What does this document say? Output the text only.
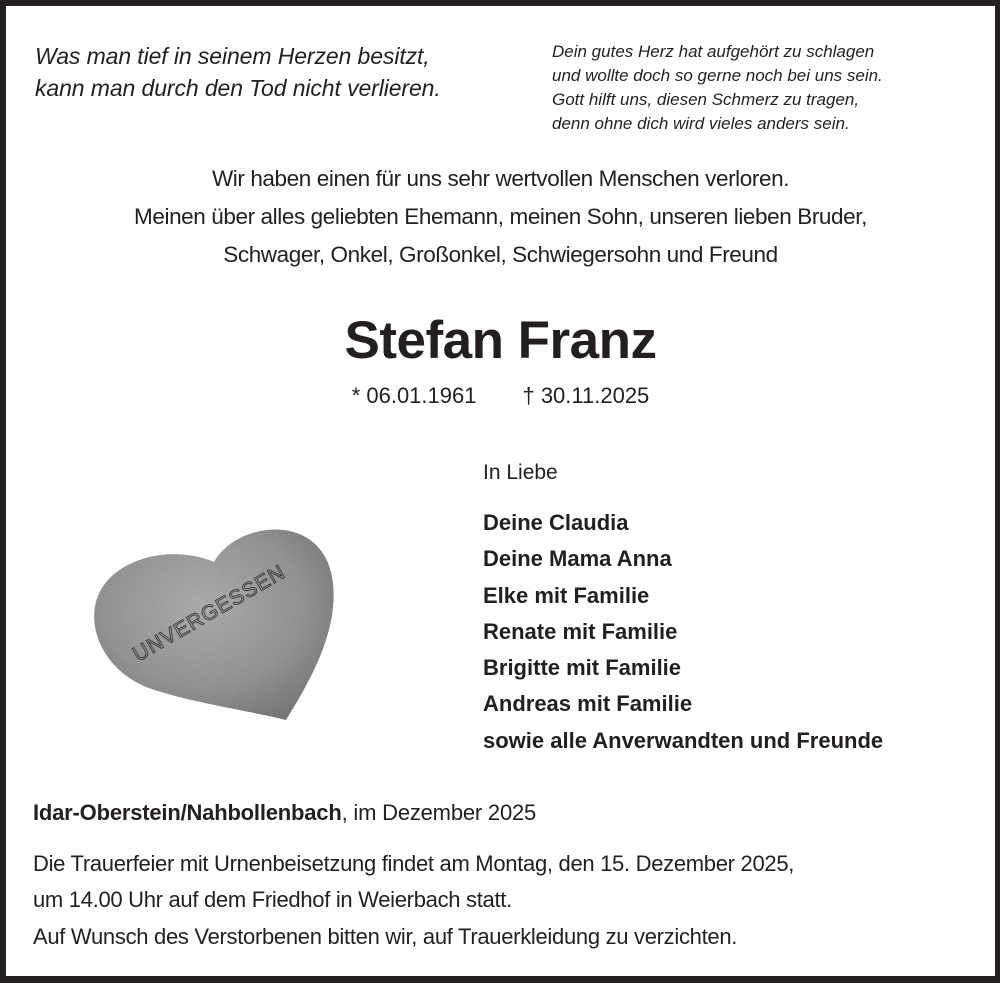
Was man tief in seinem Herzen besitzt,
kann man durch den Tod nicht verlieren.
Dein gutes Herz hat aufgehört zu schlagen
und wollte doch so gerne noch bei uns sein.
Gott hilft uns, diesen Schmerz zu tragen,
denn ohne dich wird vieles anders sein.
Wir haben einen für uns sehr wertvollen Menschen verloren.
Meinen über alles geliebten Ehemann, meinen Sohn, unseren lieben Bruder,
Schwager, Onkel, Großonkel, Schwiegersohn und Freund
Stefan Franz
* 06.01.1961 † 30.11.2025
UNVERGESSEN
In Liebe
Deine Claudia
Deine Mama Anna
Elke mit Familie
Renate mit Familie
Brigitte mit Familie
Andreas mit Familie
sowie alle Anverwandten und Freunde
Idar-Oberstein/Nahbollenbach, im Dezember 2025
Die Trauerfeier mit Urnenbeisetzung findet am Montag, den 15. Dezember 2025,
um 14.00 Uhr auf dem Friedhof in Weierbach statt.
Auf Wunsch des Verstorbenen bitten wir, auf Trauerkleidung zu verzichten.
